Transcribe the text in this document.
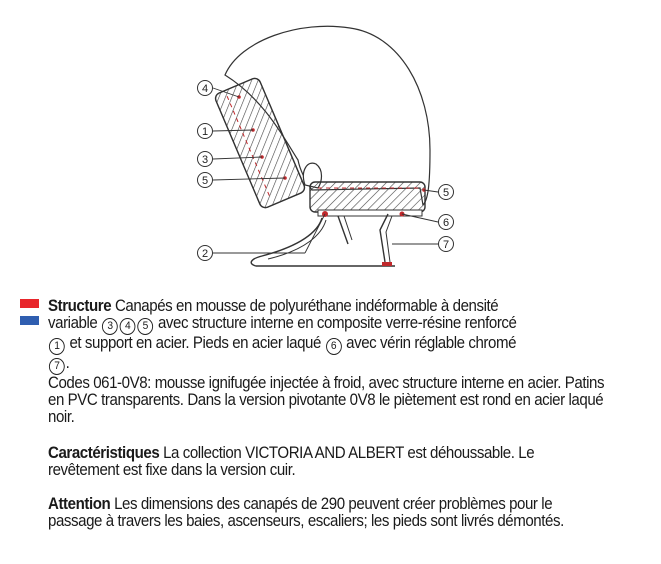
4
1
3
5
2
5
6
7

Structure Canapés en mousse de polyuréthane indéformable à densité

variable 3 4 5 avec structure interne en composite verre-résine renforcé

1 et support en acier. Pieds en acier laqué 6 avec vérin réglable chromé

7 .

Codes 061-0V8: mousse ignifugée injectée à froid, avec structure interne en acier. Patins en PVC transparents. Dans la version pivotante 0V8 le piètement est rond en acier laqué noir.

Caractéristiques La collection VICTORIA AND ALBERT est déhoussable. Le revêtement est fixe dans la version cuir.

Attention Les dimensions des canapés de 290 peuvent créer problèmes pour le passage à travers les baies, ascenseurs, escaliers; les pieds sont livrés démontés.
